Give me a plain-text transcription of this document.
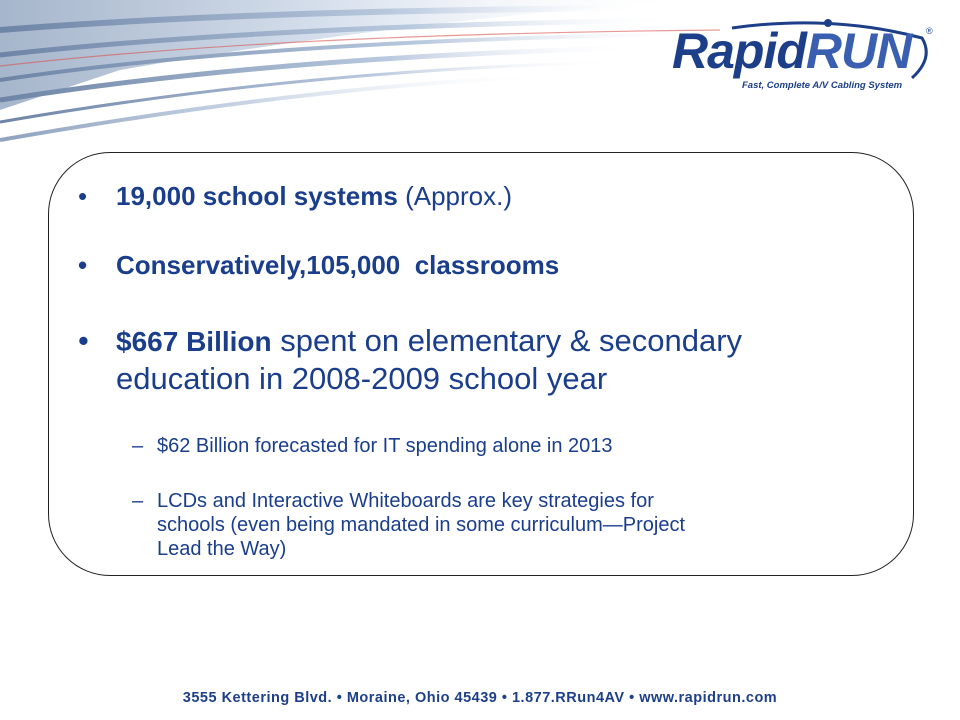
RapidRUN ®
Fast, Complete A/V Cabling System
• 19,000 school systems (Approx.)
• Conservatively,105,000  classrooms
• $667 Billion spent on elementary & secondary
education in 2008-2009 school year
– $62 Billion forecasted for IT spending alone in 2013
– LCDs and Interactive Whiteboards are key strategies for
schools (even being mandated in some curriculum—Project
Lead the Way)
3555 Kettering Blvd. • Moraine, Ohio 45439 • 1.877.RRun4AV • www.rapidrun.com
